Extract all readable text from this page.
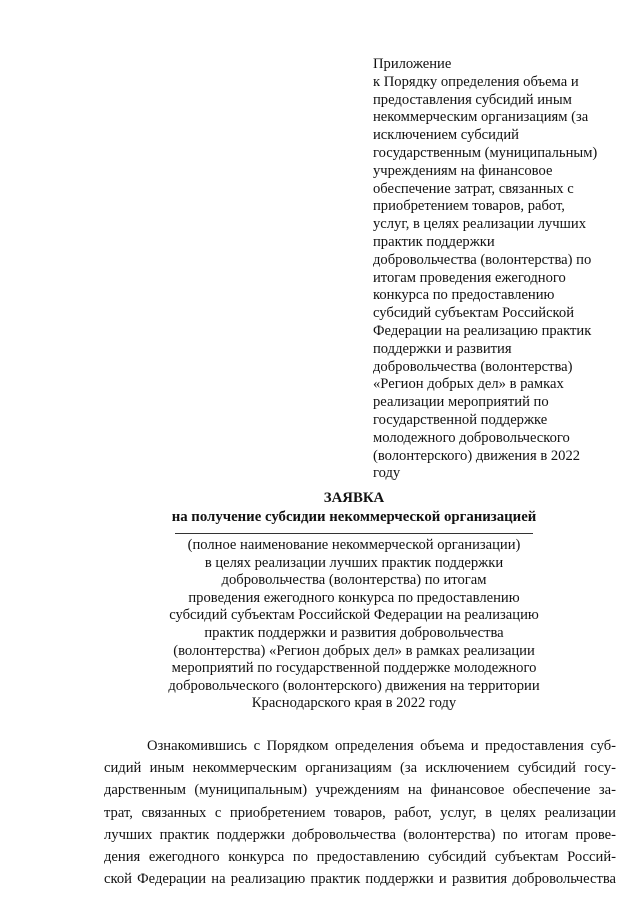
Приложение
к Порядку определения объема и
предоставления субсидий иным
некоммерческим организациям (за
исключением субсидий
государственным (муниципальным)
учреждениям на финансовое
обеспечение затрат, связанных с
приобретением товаров, работ,
услуг, в целях реализации лучших
практик поддержки
добровольчества (волонтерства) по
итогам проведения ежегодного
конкурса по предоставлению
субсидий субъектам Российской
Федерации на реализацию практик
поддержки и развития
добровольчества (волонтерства)
«Регион добрых дел» в рамках
реализации мероприятий по
государственной поддержке
молодежного добровольческого
(волонтерского) движения в 2022
году
ЗАЯВКА
на получение субсидии некоммерческой организацией
(полное наименование некоммерческой организации)
в целях реализации лучших практик поддержки
добровольчества (волонтерства) по итогам
проведения ежегодного конкурса по предоставлению
субсидий субъектам Российской Федерации на реализацию
практик поддержки и развития добровольчества
(волонтерства) «Регион добрых дел» в рамках реализации
мероприятий по государственной поддержке молодежного
добровольческого (волонтерского) движения на территории
Краснодарского края в 2022 году
Ознакомившись с Порядком определения объема и предоставления суб-
сидий иным некоммерческим организациям (за исключением субсидий госу-
дарственным (муниципальным) учреждениям на финансовое обеспечение за-
трат, связанных с приобретением товаров, работ, услуг, в целях реализации
лучших практик поддержки добровольчества (волонтерства) по итогам прове-
дения ежегодного конкурса по предоставлению субсидий субъектам Россий-
ской Федерации на реализацию практик поддержки и развития добровольчества
